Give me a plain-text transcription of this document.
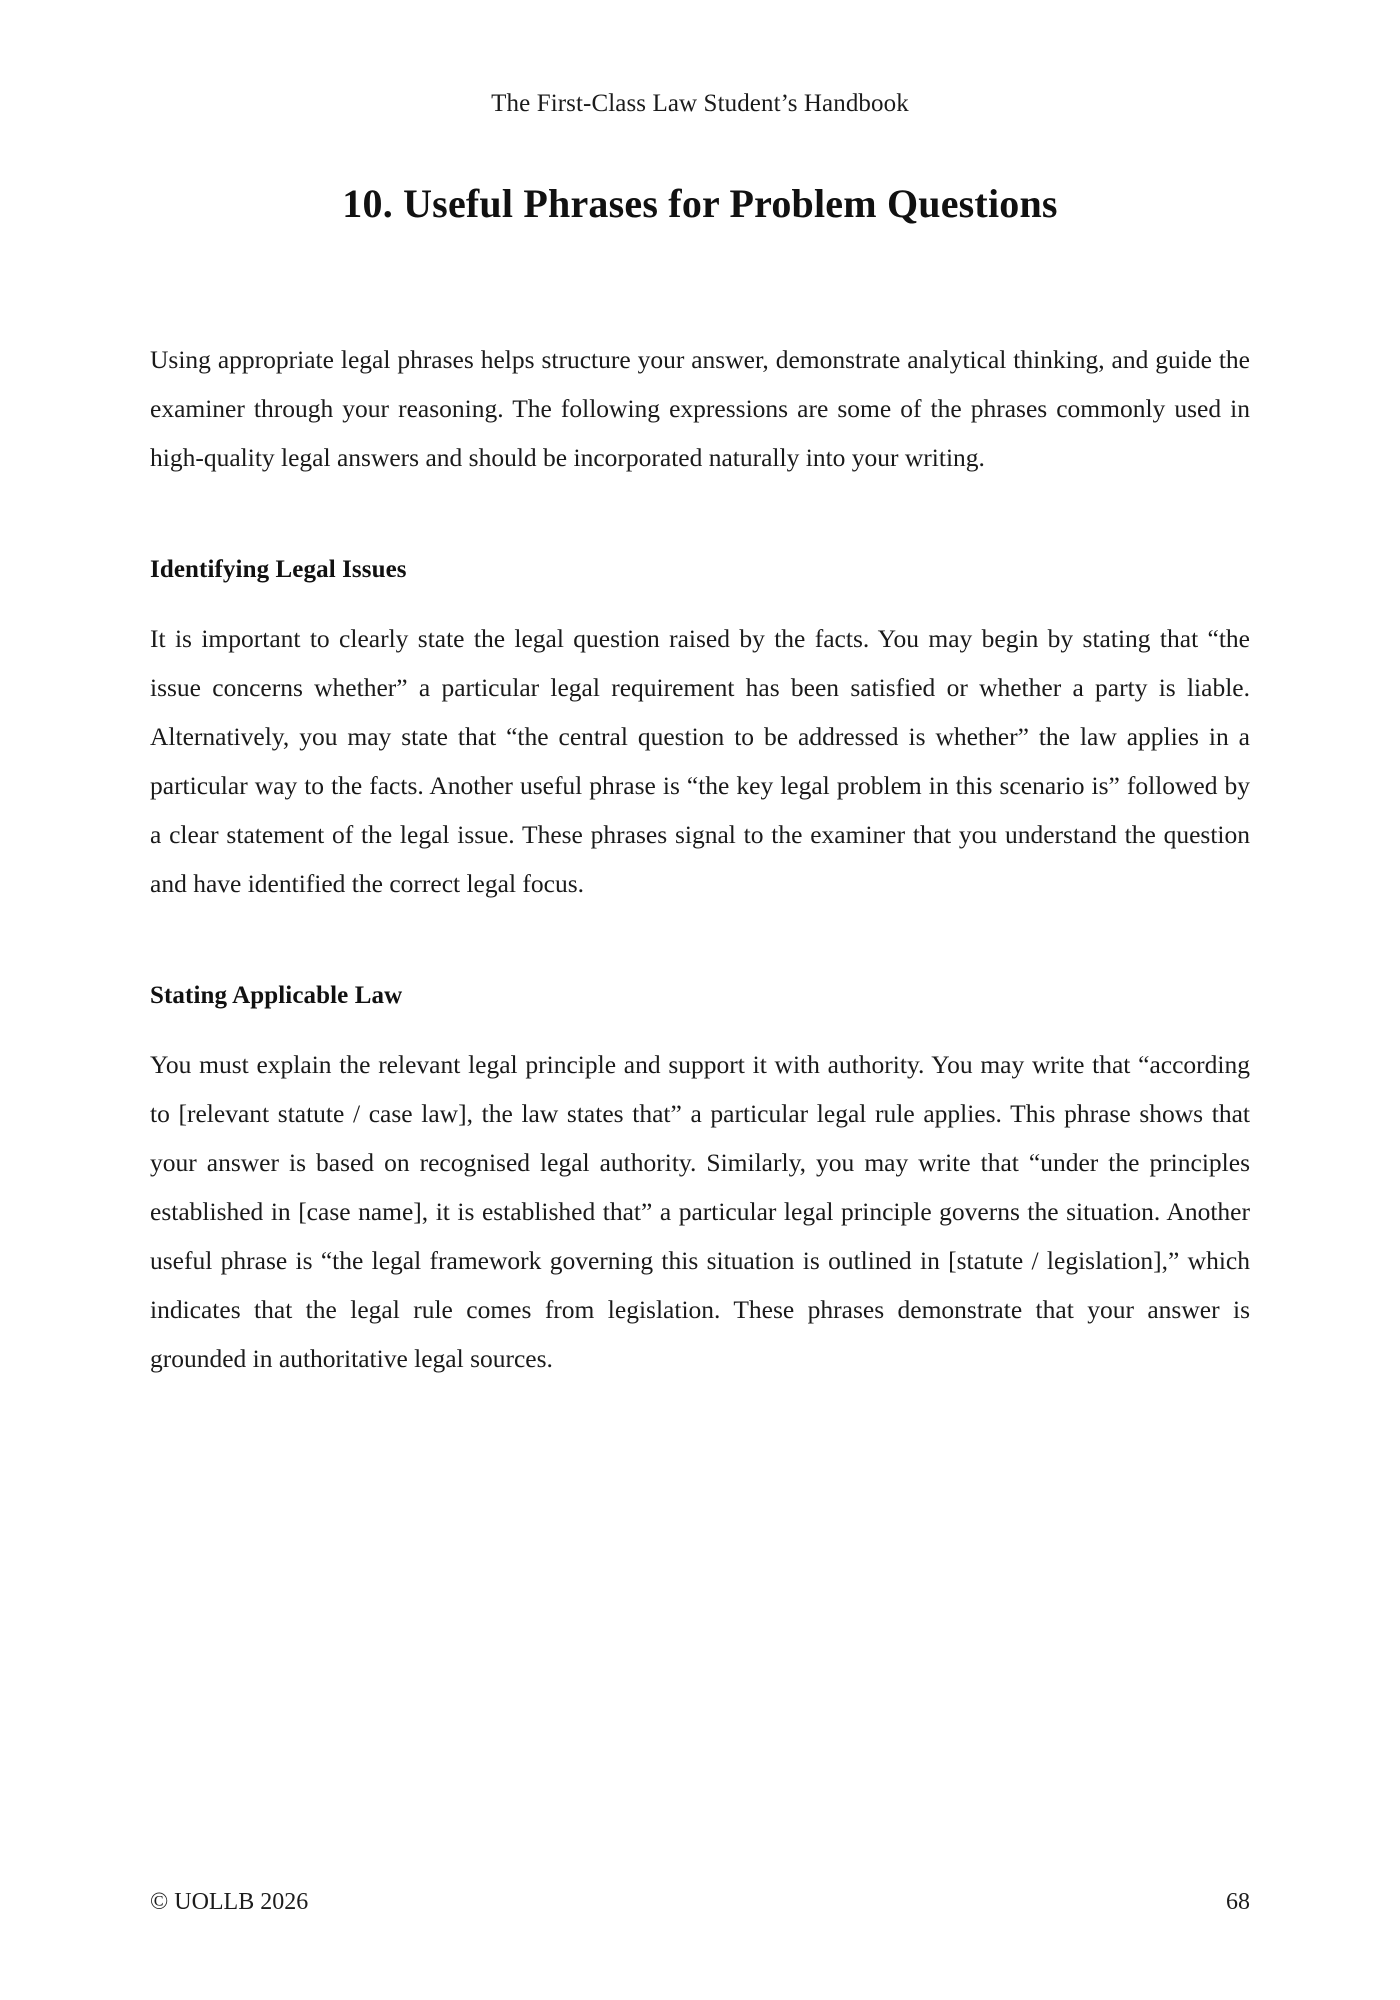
The First-Class Law Student’s Handbook
10. Useful Phrases for Problem Questions

Using appropriate legal phrases helps structure your answer, demonstrate analytical thinking, and guide the examiner through your reasoning. The following expressions are some of the phrases commonly used in high-quality legal answers and should be incorporated naturally into your writing.

Identifying Legal Issues

It is important to clearly state the legal question raised by the facts. You may begin by stating that “the issue concerns whether” a particular legal requirement has been satisfied or whether a party is liable. Alternatively, you may state that “the central question to be addressed is whether” the law applies in a particular way to the facts. Another useful phrase is “the key legal problem in this scenario is” followed by a clear statement of the legal issue. These phrases signal to the examiner that you understand the question and have identified the correct legal focus.

Stating Applicable Law

You must explain the relevant legal principle and support it with authority. You may write that “according to [relevant statute / case law], the law states that” a particular legal rule applies. This phrase shows that your answer is based on recognised legal authority. Similarly, you may write that “under the principles established in [case name], it is established that” a particular legal principle governs the situation. Another useful phrase is “the legal framework governing this situation is outlined in [statute / legislation],” which indicates that the legal rule comes from legislation. These phrases demonstrate that your answer is grounded in authoritative legal sources.

© UOLLB 2026	68
